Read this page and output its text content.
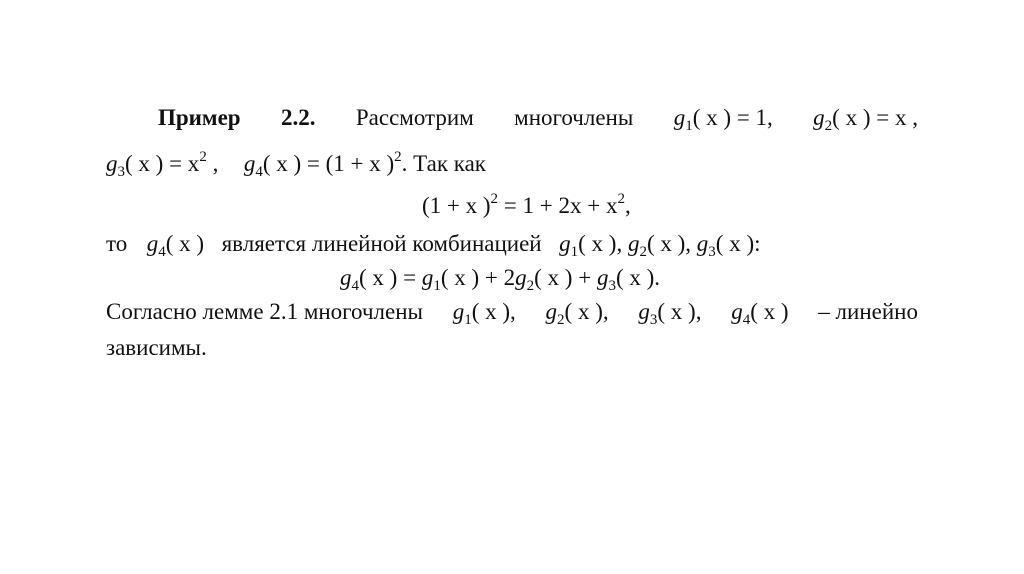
Пример 2.2. Рассмотрим многочлены $g_1$( x ) = 1, $g_2$( x ) = x ,
$g_3$( x ) = $x^2$ , $g_4$( x ) = (1 + x )$^2$. Так как
(1 + x )$^2 = 1 + 2x + x^2$,
то $g_4$( x ) является линейной комбинацией $g_1$( x ), $g_2$( x ), $g_3$( x ):
$g_4$( x ) = $g_1$( x ) + $2g_2$( x ) + $g_3$( x ).
Согласно лемме 2.1 многочлены $g_1$( x ), $g_2$( x ), $g_3$( x ), $g_4$( x ) – линейно
зависимы.
